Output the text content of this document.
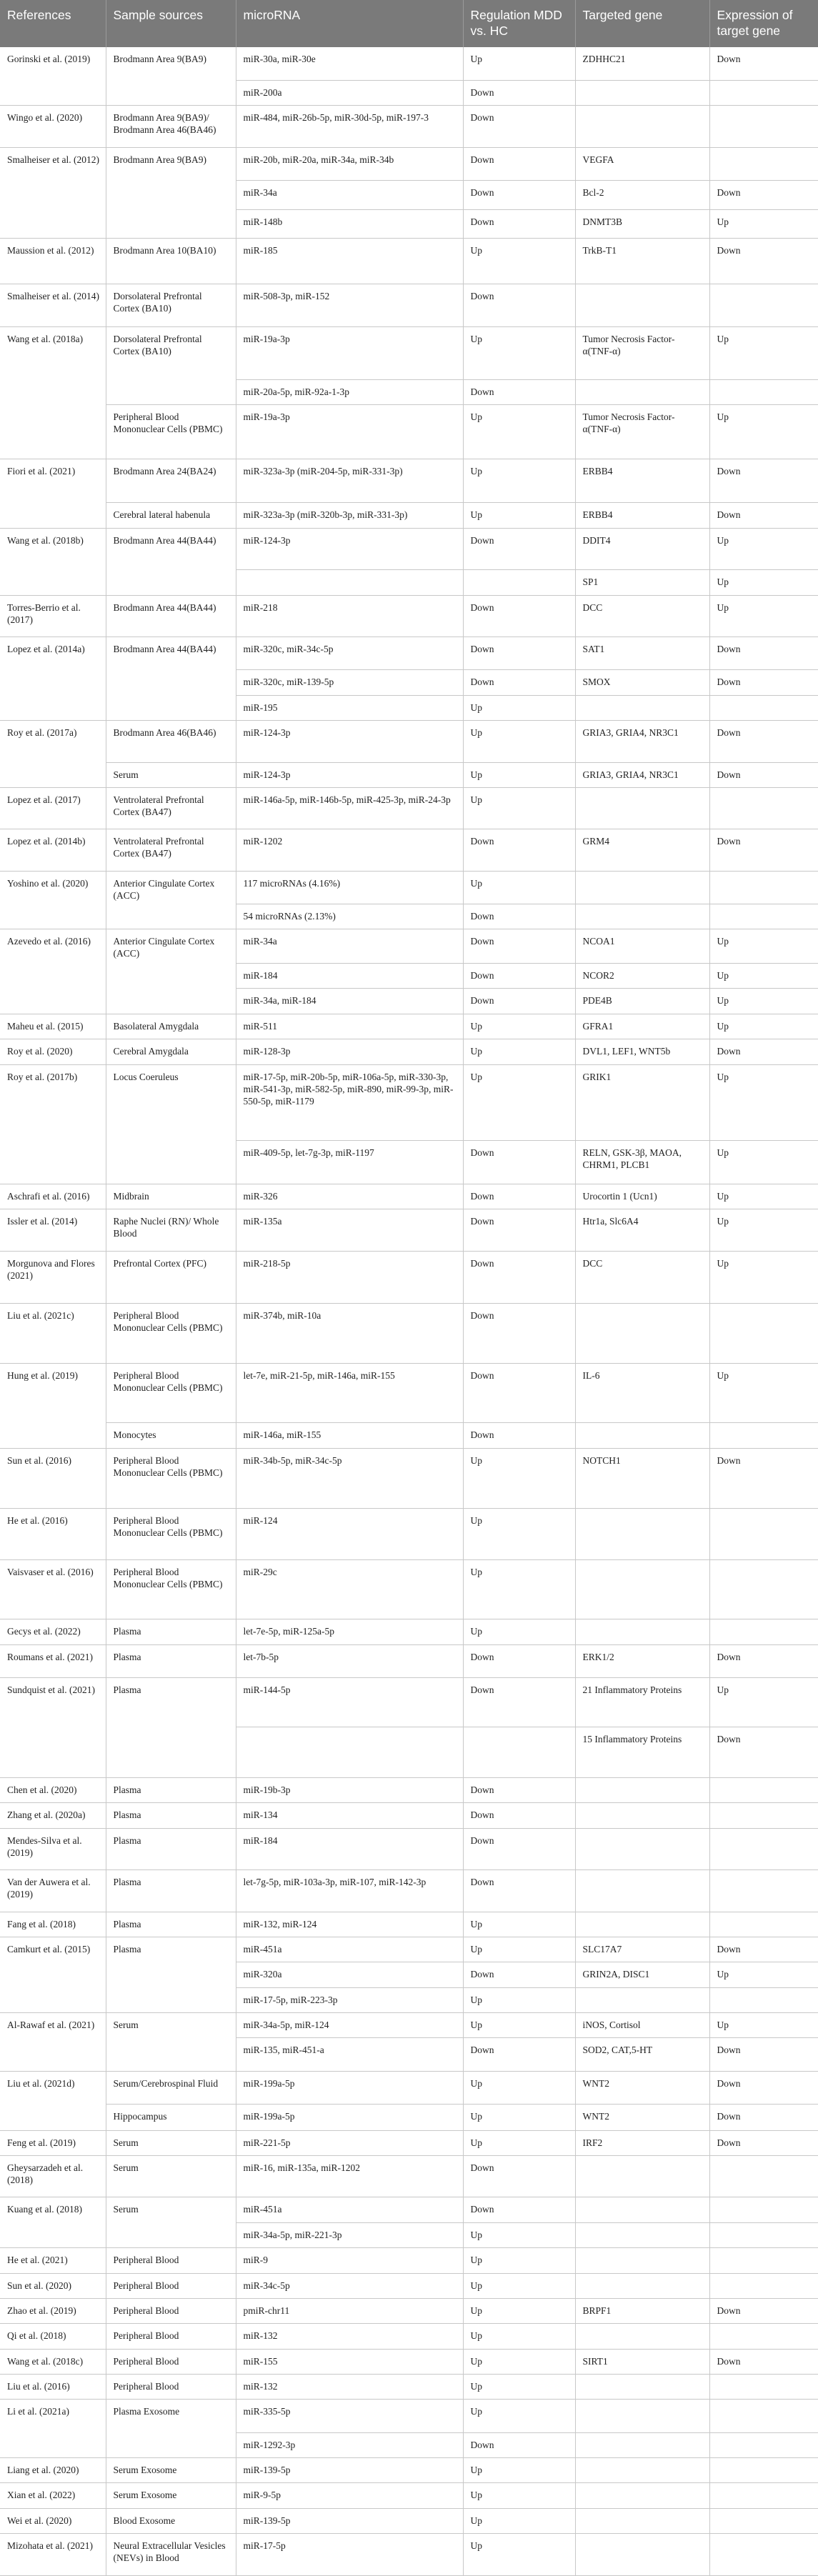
References	Sample sources	microRNA	Regulation MDD vs. HC	Targeted gene	Expression of target gene
Gorinski et al. (2019)	Brodmann Area 9(BA9)	miR-30a, miR-30e	Up	ZDHHC21	Down
		miR-200a	Down		
Wingo et al. (2020)	Brodmann Area 9(BA9)/ Brodmann Area 46(BA46)	miR-484, miR-26b-5p, miR-30d-5p, miR-197-3	Down		
Smalheiser et al. (2012)	Brodmann Area 9(BA9)	miR-20b, miR-20a, miR-34a, miR-34b	Down	VEGFA	
		miR-34a	Down	Bcl-2	Down
		miR-148b	Down	DNMT3B	Up
Maussion et al. (2012)	Brodmann Area 10(BA10)	miR-185	Up	TrkB-T1	Down
Smalheiser et al. (2014)	Dorsolateral Prefrontal Cortex (BA10)	miR-508-3p, miR-152	Down		
Wang et al. (2018a)	Dorsolateral Prefrontal Cortex (BA10)	miR-19a-3p	Up	Tumor Necrosis Factor-α(TNF-α)	Up
		miR-20a-5p, miR-92a-1-3p	Down		
	Peripheral Blood Mononuclear Cells (PBMC)	miR-19a-3p	Up	Tumor Necrosis Factor-α(TNF-α)	Up
Fiori et al. (2021)	Brodmann Area 24(BA24)	miR-323a-3p (miR-204-5p, miR-331-3p)	Up	ERBB4	Down
	Cerebral lateral habenula	miR-323a-3p (miR-320b-3p, miR-331-3p)	Up	ERBB4	Down
Wang et al. (2018b)	Brodmann Area 44(BA44)	miR-124-3p	Down	DDIT4	Up
				SP1	Up
Torres-Berrio et al. (2017)	Brodmann Area 44(BA44)	miR-218	Down	DCC	Up
Lopez et al. (2014a)	Brodmann Area 44(BA44)	miR-320c, miR-34c-5p	Down	SAT1	Down
		miR-320c, miR-139-5p	Down	SMOX	Down
		miR-195	Up		
Roy et al. (2017a)	Brodmann Area 46(BA46)	miR-124-3p	Up	GRIA3, GRIA4, NR3C1	Down
	Serum	miR-124-3p	Up	GRIA3, GRIA4, NR3C1	Down
Lopez et al. (2017)	Ventrolateral Prefrontal Cortex (BA47)	miR-146a-5p, miR-146b-5p, miR-425-3p, miR-24-3p	Up		
Lopez et al. (2014b)	Ventrolateral Prefrontal Cortex (BA47)	miR-1202	Down	GRM4	Down
Yoshino et al. (2020)	Anterior Cingulate Cortex (ACC)	117 microRNAs (4.16%)	Up		
		54 microRNAs (2.13%)	Down		
Azevedo et al. (2016)	Anterior Cingulate Cortex (ACC)	miR-34a	Down	NCOA1	Up
		miR-184	Down	NCOR2	Up
		miR-34a, miR-184	Down	PDE4B	Up
Maheu et al. (2015)	Basolateral Amygdala	miR-511	Up	GFRA1	Up
Roy et al. (2020)	Cerebral Amygdala	miR-128-3p	Up	DVL1, LEF1, WNT5b	Down
Roy et al. (2017b)	Locus Coeruleus	miR-17-5p, miR-20b-5p, miR-106a-5p, miR-330-3p, miR-541-3p, miR-582-5p, miR-890, miR-99-3p, miR-550-5p, miR-1179	Up	GRIK1	Up
		miR-409-5p, let-7g-3p, miR-1197	Down	RELN, GSK-3β, MAOA, CHRM1, PLCB1	Up
Aschrafi et al. (2016)	Midbrain	miR-326	Down	Urocortin 1 (Ucn1)	Up
Issler et al. (2014)	Raphe Nuclei (RN)/ Whole Blood	miR-135a	Down	Htr1a, Slc6A4	Up
Morgunova and Flores (2021)	Prefrontal Cortex (PFC)	miR-218-5p	Down	DCC	Up
Liu et al. (2021c)	Peripheral Blood Mononuclear Cells (PBMC)	miR-374b, miR-10a	Down		
Hung et al. (2019)	Peripheral Blood Mononuclear Cells (PBMC)	let-7e, miR-21-5p, miR-146a, miR-155	Down	IL-6	Up
	Monocytes	miR-146a, miR-155	Down		
Sun et al. (2016)	Peripheral Blood Mononuclear Cells (PBMC)	miR-34b-5p, miR-34c-5p	Up	NOTCH1	Down
He et al. (2016)	Peripheral Blood Mononuclear Cells (PBMC)	miR-124	Up		
Vaisvaser et al. (2016)	Peripheral Blood Mononuclear Cells (PBMC)	miR-29c	Up		
Gecys et al. (2022)	Plasma	let-7e-5p, miR-125a-5p	Up		
Roumans et al. (2021)	Plasma	let-7b-5p	Down	ERK1/2	Down
Sundquist et al. (2021)	Plasma	miR-144-5p	Down	21 Inflammatory Proteins	Up
				15 Inflammatory Proteins	Down
Chen et al. (2020)	Plasma	miR-19b-3p	Down		
Zhang et al. (2020a)	Plasma	miR-134	Down		
Mendes-Silva et al. (2019)	Plasma	miR-184	Down		
Van der Auwera et al. (2019)	Plasma	let-7g-5p, miR-103a-3p, miR-107, miR-142-3p	Down		
Fang et al. (2018)	Plasma	miR-132, miR-124	Up		
Camkurt et al. (2015)	Plasma	miR-451a	Up	SLC17A7	Down
		miR-320a	Down	GRIN2A, DISC1	Up
		miR-17-5p, miR-223-3p	Up		
Al-Rawaf et al. (2021)	Serum	miR-34a-5p, miR-124	Up	iNOS, Cortisol	Up
		miR-135, miR-451-a	Down	SOD2, CAT,5-HT	Down
Liu et al. (2021d)	Serum/Cerebrospinal Fluid	miR-199a-5p	Up	WNT2	Down
	Hippocampus	miR-199a-5p	Up	WNT2	Down
Feng et al. (2019)	Serum	miR-221-5p	Up	IRF2	Down
Gheysarzadeh et al. (2018)	Serum	miR-16, miR-135a, miR-1202	Down		
Kuang et al. (2018)	Serum	miR-451a	Down		
		miR-34a-5p, miR-221-3p	Up		
He et al. (2021)	Peripheral Blood	miR-9	Up		
Sun et al. (2020)	Peripheral Blood	miR-34c-5p	Up		
Zhao et al. (2019)	Peripheral Blood	pmiR-chr11	Up	BRPF1	Down
Qi et al. (2018)	Peripheral Blood	miR-132	Up		
Wang et al. (2018c)	Peripheral Blood	miR-155	Up	SIRT1	Down
Liu et al. (2016)	Peripheral Blood	miR-132	Up		
Li et al. (2021a)	Plasma Exosome	miR-335-5p	Up		
		miR-1292-3p	Down		
Liang et al. (2020)	Serum Exosome	miR-139-5p	Up		
Xian et al. (2022)	Serum Exosome	miR-9-5p	Up		
Wei et al. (2020)	Blood Exosome	miR-139-5p	Up		
Mizohata et al. (2021)	Neural Extracellular Vesicles (NEVs) in Blood	miR-17-5p	Up		
